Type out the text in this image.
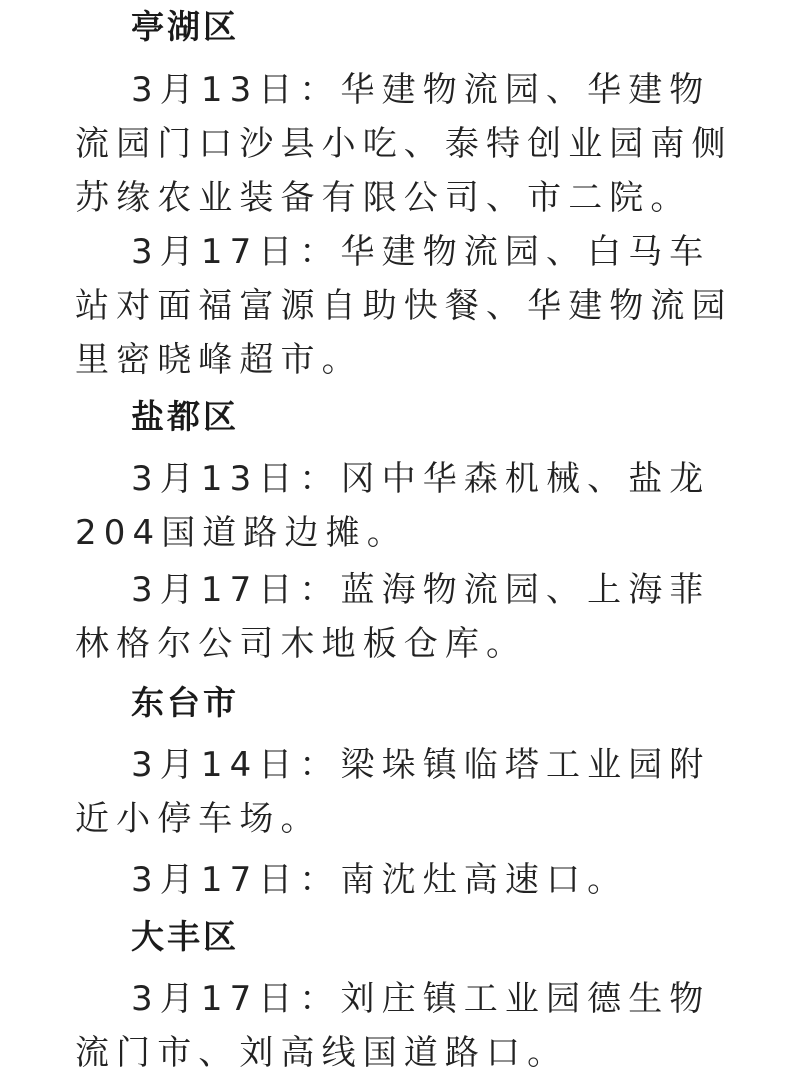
亭湖区

3月13日：华建物流园、华建物流园门口沙县小吃、泰特创业园南侧苏缘农业装备有限公司、市二院。

3月17日：华建物流园、白马车站对面福富源自助快餐、华建物流园里密晓峰超市。

盐都区

3月13日：冈中华森机械、盐龙204国道路边摊。

3月17日：蓝海物流园、上海菲林格尔公司木地板仓库。

东台市

3月14日：梁垛镇临塔工业园附近小停车场。

3月17日：南沈灶高速口。

大丰区

3月17日：刘庄镇工业园德生物流门市、刘高线国道路口。
